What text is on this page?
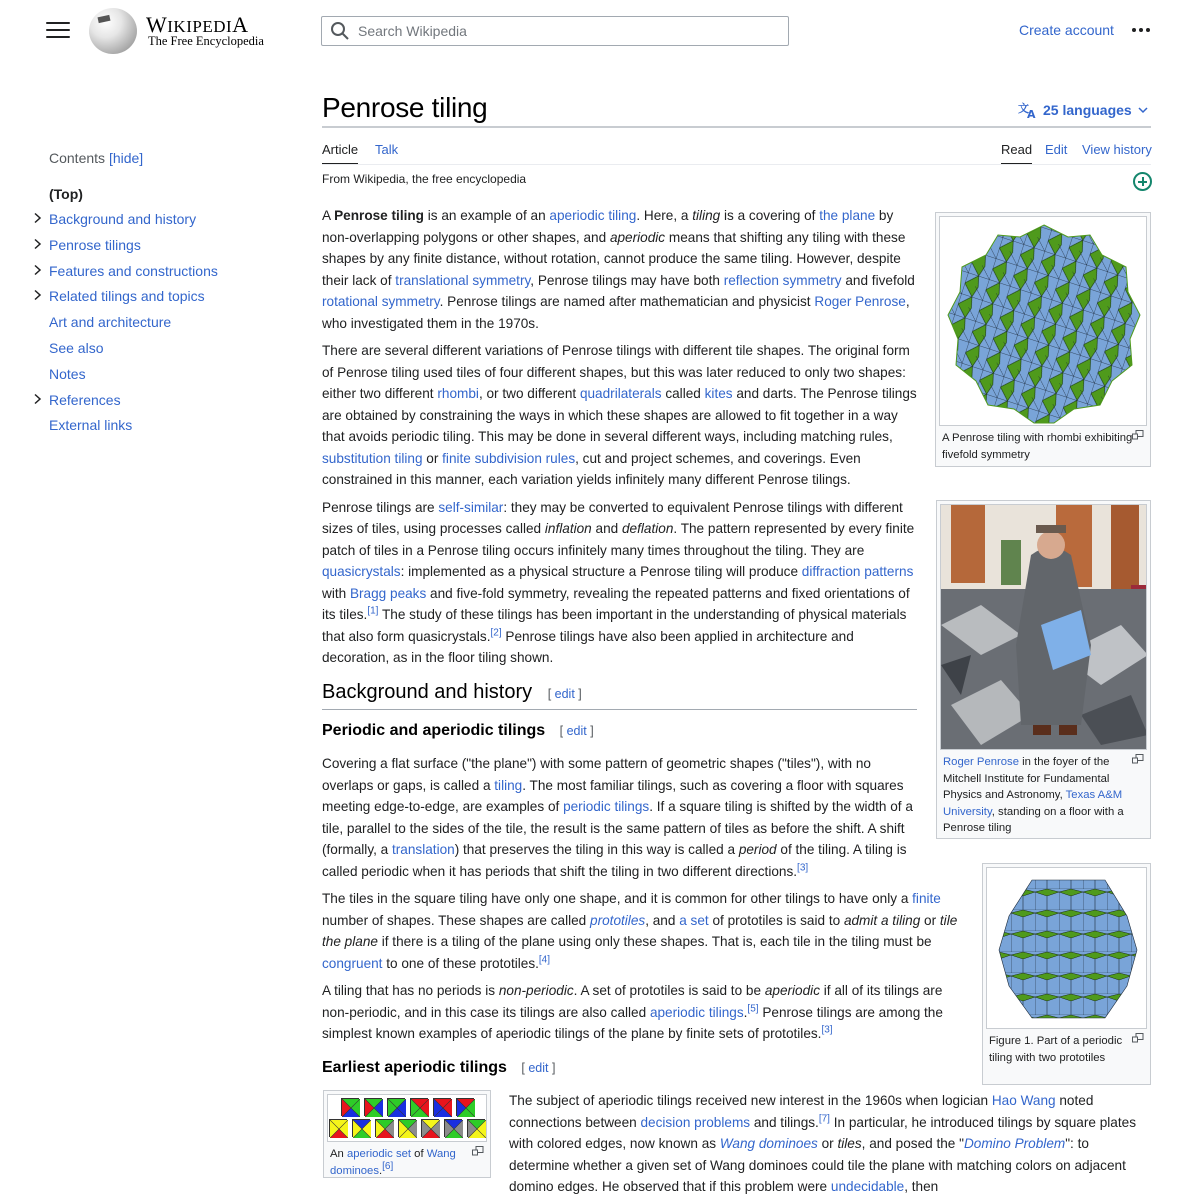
WIKIPEDIA
The Free Encyclopedia
Search Wikipedia
Create account
Contents [hide]
(Top)
Background and history
Penrose tilings
Features and constructions
Related tilings and topics
Art and architecture
See also
Notes
References
External links
Penrose tiling	文
A 25 languages
Article Talk	Read Edit View history
From Wikipedia, the free encyclopedia

A Penrose tiling is an example of an aperiodic tiling. Here, a tiling is a covering of the plane by non-overlapping polygons or other shapes, and aperiodic means that shifting any tiling with these shapes by any finite distance, without rotation, cannot produce the same tiling. However, despite their lack of translational symmetry, Penrose tilings may have both reflection symmetry and fivefold rotational symmetry. Penrose tilings are named after mathematician and physicist Roger Penrose, who investigated them in the 1970s.

There are several different variations of Penrose tilings with different tile shapes. The original form of Penrose tiling used tiles of four different shapes, but this was later reduced to only two shapes: either two different rhombi, or two different quadrilaterals called kites and darts. The Penrose tilings are obtained by constraining the ways in which these shapes are allowed to fit together in a way that avoids periodic tiling. This may be done in several different ways, including matching rules, substitution tiling or finite subdivision rules, cut and project schemes, and coverings. Even constrained in this manner, each variation yields infinitely many different Penrose tilings.

Penrose tilings are self-similar: they may be converted to equivalent Penrose tilings with different sizes of tiles, using processes called inflation and deflation. The pattern represented by every finite patch of tiles in a Penrose tiling occurs infinitely many times throughout the tiling. They are quasicrystals: implemented as a physical structure a Penrose tiling will produce diffraction patterns with Bragg peaks and five-fold symmetry, revealing the repeated patterns and fixed orientations of its tiles.[1] The study of these tilings has been important in the understanding of physical materials that also form quasicrystals.[2] Penrose tilings have also been applied in architecture and decoration, as in the floor tiling shown.

Background and history [ edit ]
Periodic and aperiodic tilings [ edit ]

Covering a flat surface ("the plane") with some pattern of geometric shapes ("tiles"), with no overlaps or gaps, is called a tiling. The most familiar tilings, such as covering a floor with squares meeting edge-to-edge, are examples of periodic tilings. If a square tiling is shifted by the width of a tile, parallel to the sides of the tile, the result is the same pattern of tiles as before the shift. A shift (formally, a translation) that preserves the tiling in this way is called a period of the tiling. A tiling is called periodic when it has periods that shift the tiling in two different directions.[3]

The tiles in the square tiling have only one shape, and it is common for other tilings to have only a finite number of shapes. These shapes are called prototiles, and a set of prototiles is said to admit a tiling or tile the plane if there is a tiling of the plane using only these shapes. That is, each tile in the tiling must be congruent to one of these prototiles.[4]

A tiling that has no periods is non-periodic. A set of prototiles is said to be aperiodic if all of its tilings are non-periodic, and in this case its tilings are also called aperiodic tilings.[5] Penrose tilings are among the simplest known examples of aperiodic tilings of the plane by finite sets of prototiles.[3]

Earliest aperiodic tilings [ edit ]

The subject of aperiodic tilings received new interest in the 1960s when logician Hao Wang noted connections between decision problems and tilings.[7] In particular, he introduced tilings by square plates with colored edges, now known as Wang dominoes or tiles, and posed the "Domino Problem": to determine whether a given set of Wang dominoes could tile the plane with matching colors on adjacent domino edges. He observed that if this problem were undecidable, then

A Penrose tiling with rhombi exhibiting fivefold symmetry
Roger Penrose in the foyer of the Mitchell Institute for Fundamental Physics and Astronomy, Texas A&M University, standing on a floor with a Penrose tiling
Figure 1. Part of a periodic tiling with two prototiles
An aperiodic set of Wang dominoes.[6]
